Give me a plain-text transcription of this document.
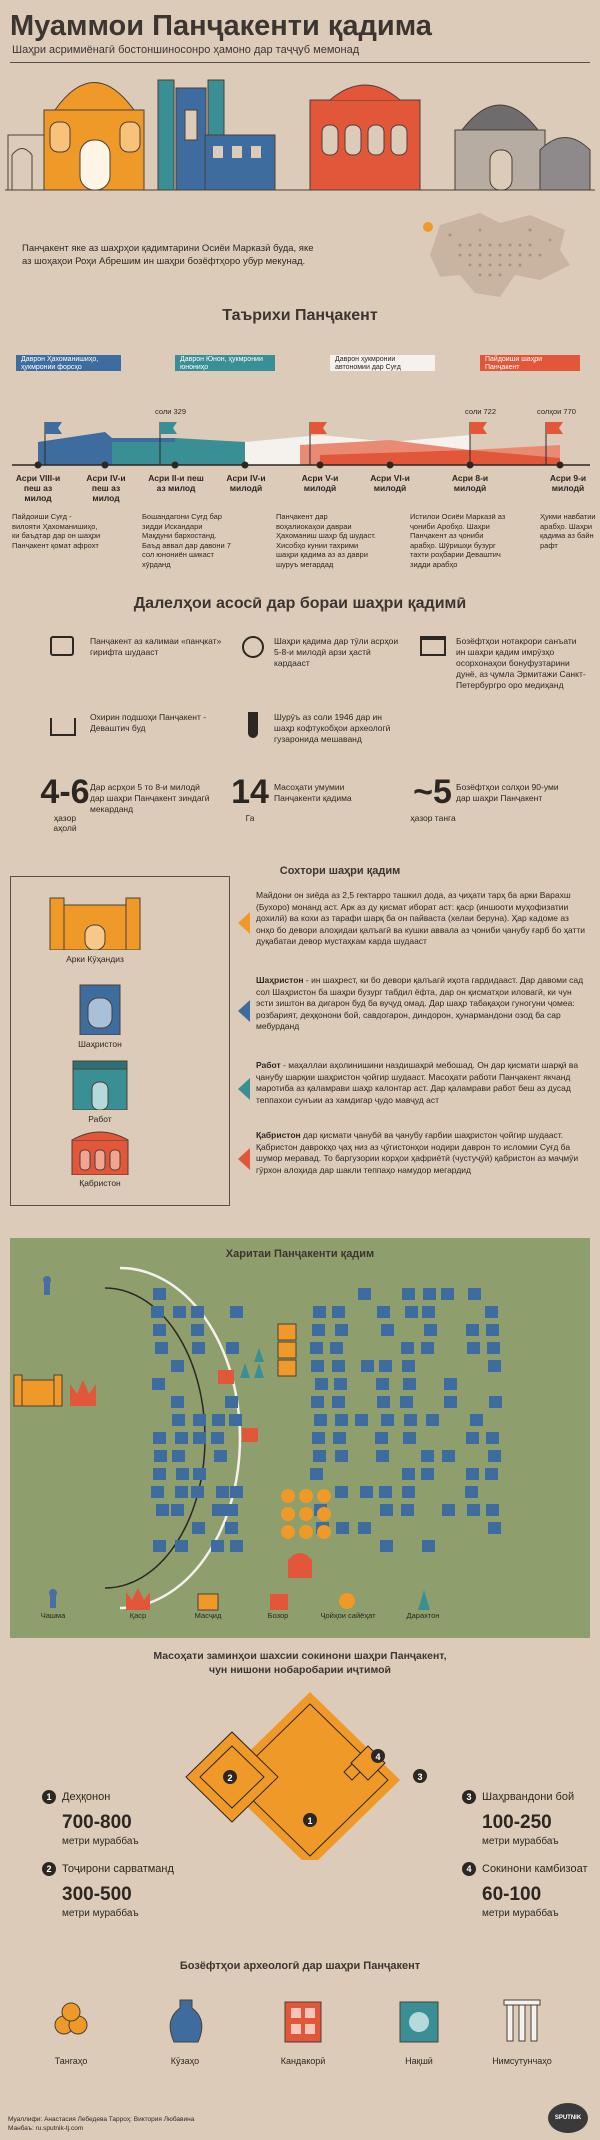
Муаммои Панҷакенти қадима
Шаҳри асримиёнагӣ бостоншиносонро ҳамоно дар таҷҷуб мемонад
Панҷакент яке аз шаҳрҳои қадимтарини Осиёи Марказӣ буда, яке аз шоҳаҳои Роҳи Абрешим ин шаҳри бозёфтҳоро убур мекунад.
Таърихи Панҷакент
Даврон Ҳахоманишиҳо, ҳукмронии форсҳо
Даврон Юнон, ҳукмронии юнониҳо
Даврон ҳукмронии автономии дар Суғд
Пайдоиши шаҳри Панҷакент
соли 329	соли 722	солҳои 770
Асри VIII-и пеш аз милод
Асри IV-и пеш аз милод
Асри II-и пеш аз милод
Асри IV-и милодӣ
Асри V-и милодӣ
Асри VI-и милодӣ
Асри 8-и милодӣ
Асри 9-и милодӣ
Пайдоиши Суғд - вилояти Ҳахоманишиҳо, ки баъдтар дар он шаҳри Панҷакент қомат афрохт
Бошандагони Суғд бар зидди Искандари Мақдуни бархостанд. Баъд аввал дар давони 7 сол юнониён шикаст хӯрданд
Панҷакент дар воҳалиокаҳои давраи Ҳахоманиш шаҳр бд шудаст. Хисобҳо кунии тахрими шаҳри қадима аз аз даври шуруъ мегардад
Истилои Осиёи Марказӣ аз ҷониби Аробҳо. Шаҳри Панҷакент аз ҷониби арабҳо. Шӯришҳи бузург тахти роҳбарии Деваштич зидди арабҳо
Ҳукми навбатии арабҳо. Шаҳри қадима аз байн рафт
Далелҳои асосӣ дар бораи шаҳри қадимӣ
Панҷакент аз калимаи «панҷкат» гирифта шудааст
Шаҳри қадима дар тӯли асрҳои 5-8-и милодӣ арзи ҳастӣ кардааст
Бозёфтҳои нотакрори санъати ин шаҳри қадим имрӯзҳо осорхонаҳои бонуфузтарини дунё, аз ҷумла Эрмитажи Санкт-Петербургро оро медиҳанд
Охирин подшоҳи Панҷакент - Деваштич буд
Шурӯъ аз соли 1946 дар ин шаҳр кофтукобҳои археологӣ гузаронида мешаванд
4-6
ҳазор аҳолӣ
Дар асрҳои 5 то 8-и милодӣ дар шаҳри Панҷакент зиндагӣ мекарданд	14
Га
Масоҳати умумии Панҷакенти қадима	~5
ҳазор танга
Бозёфтҳои солҳои 90-уми дар шаҳри Панҷакент
Сохтори шаҳри қадим
Арки Кӯҳандиз
Шаҳристон
Работ
Қабристон
Майдони он зиёда аз 2,5 гектарро ташкил дода, аз ҷиҳати тарҳ ба арки Варахш (Бухоро) монанд аст. Арк аз ду қисмат иборат аст: қаср (иншооти муҳофизатии дохилӣ) ва кохи аз тарафи шарқ ба он пайваста (хелаи беруна). Ҳар кадоме аз онҳо бо девори алоҳидаи қалъагӣ ва кушки аввала аз ҷониби ҷанубу ғарб бо ҳатти дуқабатаи девор мустаҳкам карда шудааст
Шаҳристон - ин шаҳрест, ки бо девори қалъагӣ иҳота гардидааст. Дар давоми сад сол Шаҳристон ба шаҳри бузург табдил ёфта, дар он қисматҳои иловагӣ, ки чун эсти зиштон ва дигарон буд ба вуҷуд омад. Дар шаҳр табақаҳои гуногуни ҷомеа: розбарият, деҳқонони бой, савдогарон, диндорон, ҳунармандони озод ба сар мебурданд
Работ - маҳаллаи аҳолинишини наздишаҳрӣ мебошад. Он дар қисмати шарқӣ ва ҷанубу шарқии шаҳристон ҷойгир шудааст. Масоҳати работи Панҷакент якчанд маротиба аз қаламрави шаҳр калонтар аст. Дар қаламрави работ беш аз дусад теппахои сунъии аз хамдигар ҷудо мавҷуд аст
Қабристон дар қисмати ҷанубӣ ва ҷанубу ғарбии шаҳристон ҷойгир шудааст. Қабристон даврокҳо ҷаҳ низ аз ҷӯгистонҳои нодири даврон то исломии Суғд ба шумор меравад. То баргузории корҳои ҳафриётӣ (чустуҷӯӣ) қабристон аз маҷмӯи гӯрхон алоҳида дар шакли теппаҳо намудор мегардид
Харитаи Панҷакенти қадим
Чашма	Қаср	Масҷид	Бозор	Ҷойҳои сайёҳат	Дарахтон
Масоҳати заминҳои шахсии сокинони шаҳри Панҷакент,
чун нишони нобаробарии иҷтимоӣ
2
1
4
3
1 Деҳқонон
700-800
метри мураббаъ
2 Тоҷирони сарватманд
300-500
метри мураббаъ
3 Шаҳрвандони бой
100-250
метри мураббаъ
4 Сокинони камбизоат
60-100
метри мураббаъ
Бозёфтҳои археологӣ дар шаҳри Панҷакент
Тангаҳо	Кӯзаҳо	Кандакорӣ	Нақшӣ	Нимсутунчаҳо
Муаллифи: Анастасия Лебедева Тарроҳ: Виктория Любавина
Манбаъ: ru.sputnik-tj.com
SPUTNIK
